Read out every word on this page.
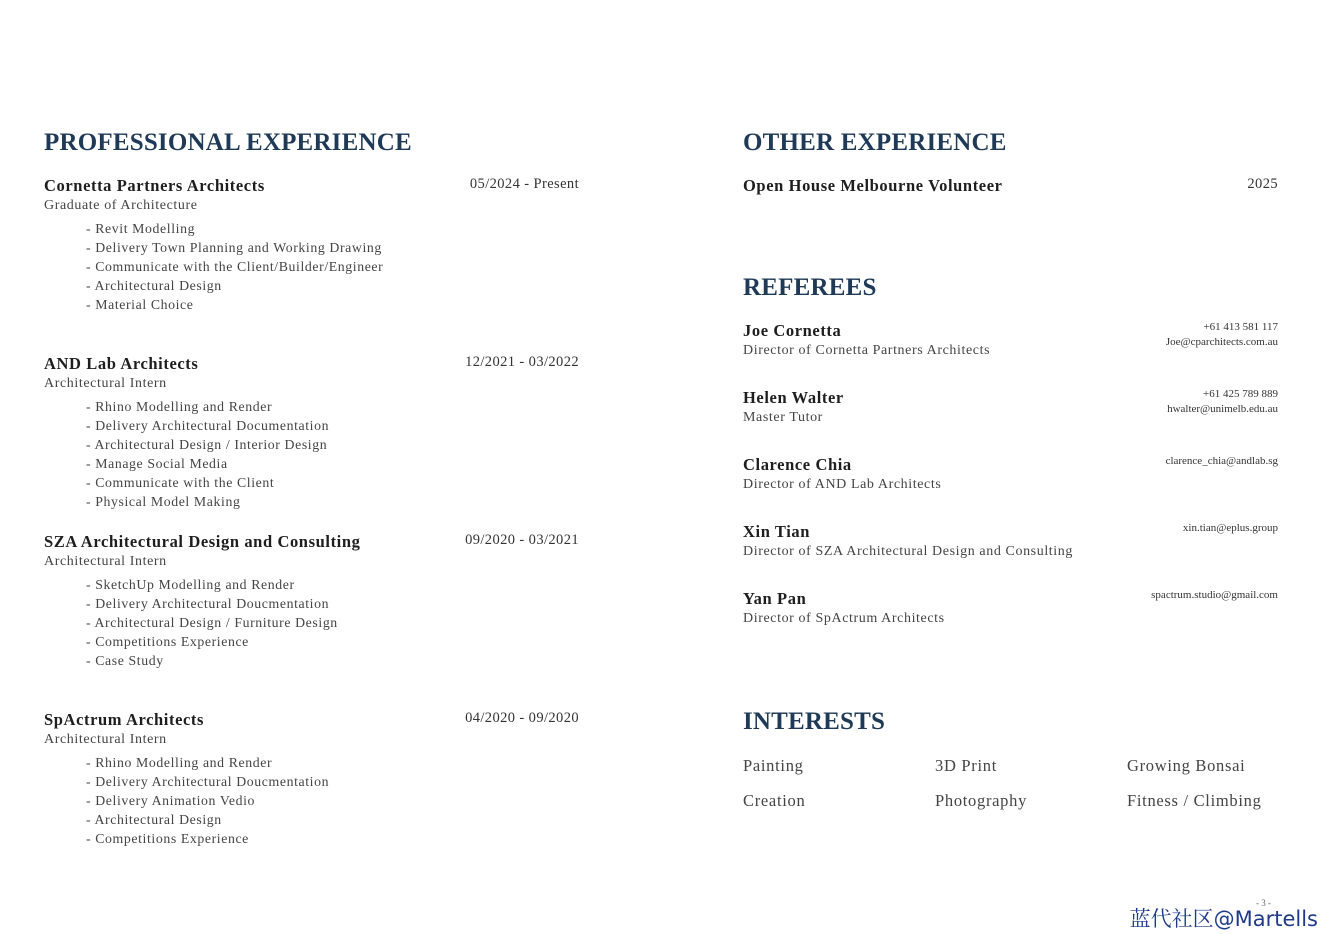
PROFESSIONAL EXPERIENCE
Cornetta Partners Architects	05/2024 - Present
Graduate of Architecture
- Revit Modelling
- Delivery Town Planning and Working Drawing
- Communicate with the Client/Builder/Engineer
- Architectural Design
- Material Choice
AND Lab Architects	12/2021 - 03/2022
Architectural Intern
- Rhino Modelling and Render
- Delivery Architectural Documentation
- Architectural Design / Interior Design
- Manage Social Media
- Communicate with the Client
- Physical Model Making
SZA Architectural Design and Consulting	09/2020 - 03/2021
Architectural Intern
- SketchUp Modelling and Render
- Delivery Architectural Doucmentation
- Architectural Design / Furniture Design
- Competitions Experience
- Case Study
SpActrum Architects	04/2020 - 09/2020
Architectural Intern
- Rhino Modelling and Render
- Delivery Architectural Doucmentation
- Delivery Animation Vedio
- Architectural Design
- Competitions Experience
OTHER EXPERIENCE
Open House Melbourne Volunteer	2025
REFEREES
Joe Cornetta
Director of Cornetta Partners Architects
+61 413 581 117
Joe@cparchitects.com.au
Helen Walter
Master Tutor
+61 425 789 889
hwalter@unimelb.edu.au
Clarence Chia
Director of AND Lab Architects
clarence_chia@andlab.sg
Xin Tian
Director of SZA Architectural Design and Consulting
xin.tian@eplus.group
Yan Pan
Director of SpActrum Architects
spactrum.studio@gmail.com
INTERESTS
Painting	3D Print	Growing Bonsai
Creation	Photography	Fitness / Climbing
- 3 -
蓝代社区@Martells
